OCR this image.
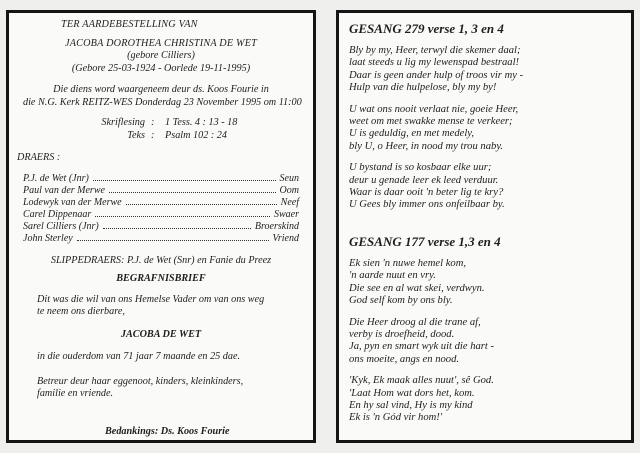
TER AARDEBESTELLING VAN
JACOBA DOROTHEA CHRISTINA DE WET
(gebore Cilliers)
(Gebore 25-03-1924 - Oorlede 19-11-1995)
Die diens word waargeneem deur ds. Koos Fourie in
die N.G. Kerk REITZ-WES Donderdag 23 November 1995 om 11:00
Skriflesing :	1 Tess. 4 : 13 - 18
Teks :	Psalm 102 : 24
DRAERS :
P.J. de Wet (Jnr)	Seun
Paul van der Merwe	Oom
Lodewyk van der Merwe	Neef
Carel Dippenaar	Swaer
Sarel Cilliers (Jnr)	Broerskind
John Sterley	Vriend
SLIPPEDRAERS: P.J. de Wet (Snr) en Fanie du Preez
BEGRAFNISBRIEF
Dit was die wil van ons Hemelse Vader om van ons weg
te neem ons dierbare,
JACOBA DE WET
in die ouderdom van 71 jaar 7 maande en 25 dae.
Betreur deur haar eggenoot, kinders, kleinkinders,
familie en vriende.
Bedankings: Ds. Koos Fourie
GESANG 279 verse 1, 3 en 4
Bly by my, Heer, terwyl die skemer daal;
laat steeds u lig my lewenspad bestraal!
Daar is geen ander hulp of troos vir my -
Hulp van die hulpelose, bly my by!
U wat ons nooit verlaat nie, goeie Heer,
weet om met swakke mense te verkeer;
U is geduldig, en met medely,
bly U, o Heer, in nood my trou naby.
U bystand is so kosbaar elke uur;
deur u genade leer ek leed verduur.
Waar is daar ooit 'n beter lig te kry?
U Gees bly immer ons onfeilbaar by.
GESANG 177 verse 1,3 en 4
Ek sien 'n nuwe hemel kom,
'n aarde nuut en vry.
Die see en al wat skei, verdwyn.
God self kom by ons bly.
Die Heer droog al die trane af,
verby is droefheid, dood.
Ja, pyn en smart wyk uit die hart -
ons moeite, angs en nood.
'Kyk, Ek maak alles nuut', sê God.
'Laat Hom wat dors het, kom.
En hy sal vind, Hy is my kind
Ek is 'n Gód vir hom!'
